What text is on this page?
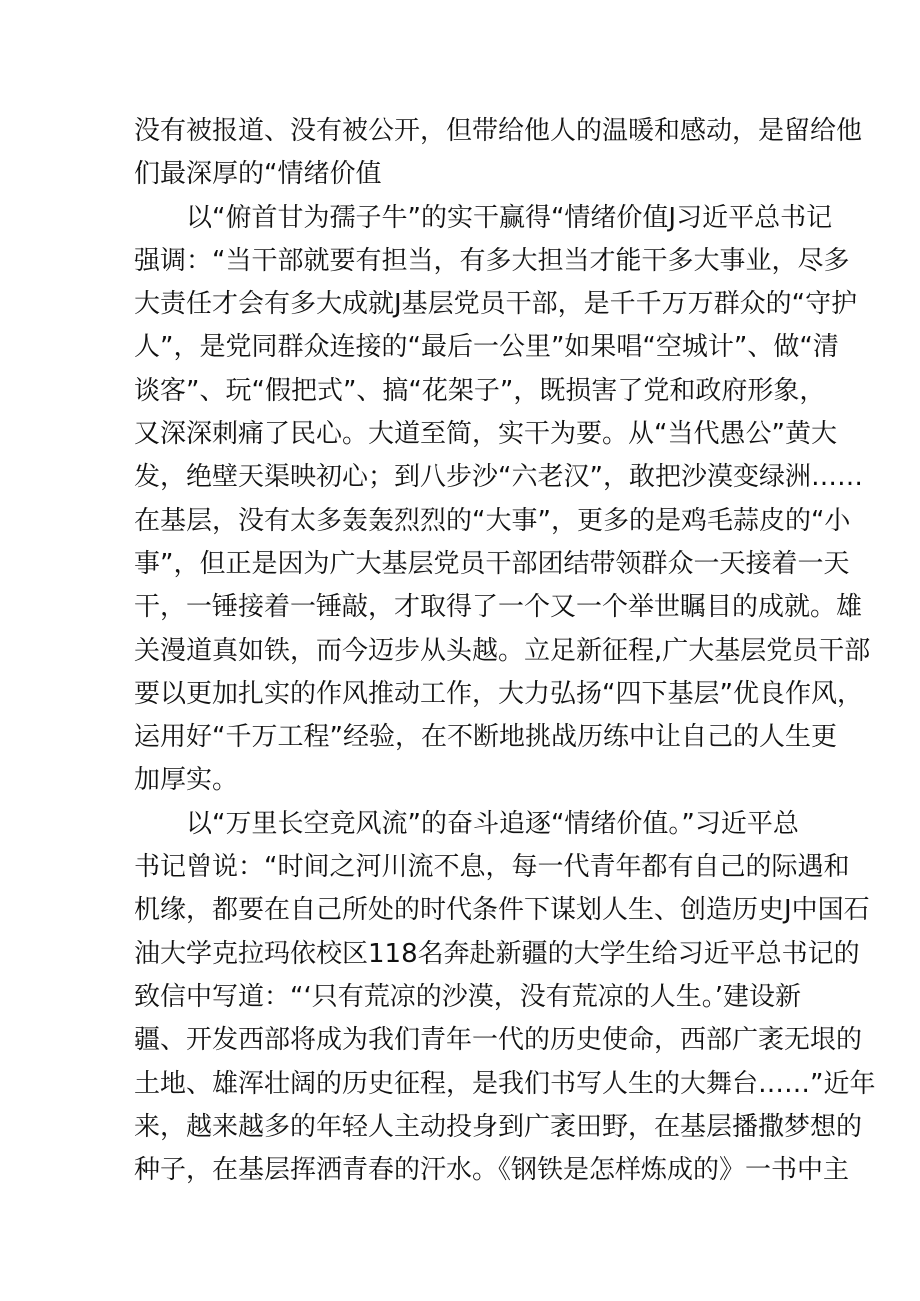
没有被报道、没有被公开，但带给他人的温暖和感动，是留给他
们最深厚的“情绪价值
　　以“俯首甘为孺子牛”的实干赢得“情绪价值J习近平总书记
强调：“当干部就要有担当，有多大担当才能干多大事业，尽多
大责任才会有多大成就J基层党员干部，是千千万万群众的“守护
人”，是党同群众连接的“最后一公里”如果唱“空城计”、做“清
谈客”、玩“假把式”、搞“花架子”，既损害了党和政府形象，
又深深刺痛了民心。大道至简，实干为要。从“当代愚公”黄大
发，绝壁天渠映初心；到八步沙“六老汉”，敢把沙漠变绿洲……
在基层，没有太多轰轰烈烈的“大事”，更多的是鸡毛蒜皮的“小
事”，但正是因为广大基层党员干部团结带领群众一天接着一天
干，一锤接着一锤敲，才取得了一个又一个举世瞩目的成就。雄
关漫道真如铁，而今迈步从头越。立足新征程,广大基层党员干部
要以更加扎实的作风推动工作，大力弘扬“四下基层”优良作风，
运用好“千万工程”经验，在不断地挑战历练中让自己的人生更
加厚实。
　　以“万里长空竞风流”的奋斗追逐“情绪价值。”习近平总
书记曾说：“时间之河川流不息，每一代青年都有自己的际遇和
机缘，都要在自己所处的时代条件下谋划人生、创造历史J中国石
油大学克拉玛依校区118名奔赴新疆的大学生给习近平总书记的
致信中写道：“‘只有荒凉的沙漠，没有荒凉的人生。’建设新
疆、开发西部将成为我们青年一代的历史使命，西部广袤无垠的
土地、雄浑壮阔的历史征程，是我们书写人生的大舞台……”近年
来，越来越多的年轻人主动投身到广袤田野，在基层播撒梦想的
种子，在基层挥洒青春的汗水。《钢铁是怎样炼成的》一书中主
